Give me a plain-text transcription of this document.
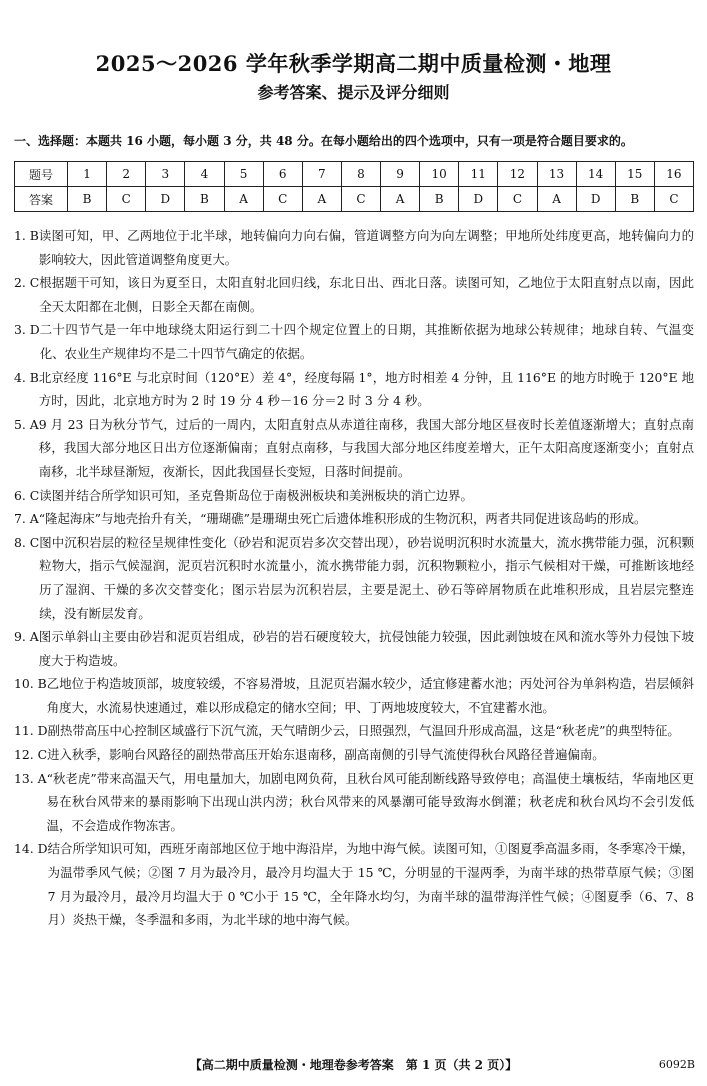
2025～2026 学年秋季学期高二期中质量检测・地理
参考答案、提示及评分细则
一、选择题：本题共 16 小题，每小题 3 分，共 48 分。在每小题给出的四个选项中，只有一项是符合题目要求的。
题号	1	2	3	4	5	6	7	8	9	10	11	12	13	14	15	16
答案	B	C	D	B	A	C	A	C	A	B	D	C	A	D	B	C
1. B 读图可知，甲、乙两地位于北半球，地转偏向力向右偏，管道调整方向为向左调整；甲地所处纬度更高，地转偏向力的影响较大，因此管道调整角度更大。
2. C 根据题干可知，该日为夏至日，太阳直射北回归线，东北日出、西北日落。读图可知，乙地位于太阳直射点以南，因此全天太阳都在北侧，日影全天都在南侧。
3. D 二十四节气是一年中地球绕太阳运行到二十四个规定位置上的日期，其推断依据为地球公转规律；地球自转、气温变化、农业生产规律均不是二十四节气确定的依据。
4. B 北京经度 116°E 与北京时间（120°E）差 4°，经度每隔 1°，地方时相差 4 分钟，且 116°E 的地方时晚于 120°E 地方时，因此，北京地方时为 2 时 19 分 4 秒－16 分＝2 时 3 分 4 秒。
5. A 9 月 23 日为秋分节气，过后的一周内，太阳直射点从赤道往南移，我国大部分地区昼夜时长差值逐渐增大；直射点南移，我国大部分地区日出方位逐渐偏南；直射点南移，与我国大部分地区纬度差增大，正午太阳高度逐渐变小；直射点南移，北半球昼渐短，夜渐长，因此我国昼长变短，日落时间提前。
6. C 读图并结合所学知识可知，圣克鲁斯岛位于南极洲板块和美洲板块的消亡边界。
7. A “隆起海床”与地壳抬升有关，“珊瑚礁”是珊瑚虫死亡后遗体堆积形成的生物沉积，两者共同促进该岛屿的形成。
8. C 图中沉积岩层的粒径呈规律性变化（砂岩和泥页岩多次交替出现），砂岩说明沉积时水流量大，流水携带能力强，沉积颗粒物大，指示气候湿润，泥页岩沉积时水流量小，流水携带能力弱，沉积物颗粒小，指示气候相对干燥，可推断该地经历了湿润、干燥的多次交替变化；图示岩层为沉积岩层，主要是泥土、砂石等碎屑物质在此堆积形成，且岩层完整连续，没有断层发育。
9. A 图示单斜山主要由砂岩和泥页岩组成，砂岩的岩石硬度较大，抗侵蚀能力较强，因此剥蚀坡在风和流水等外力侵蚀下坡度大于构造坡。
10. B 乙地位于构造坡顶部，坡度较缓，不容易滑坡，且泥页岩漏水较少，适宜修建蓄水池；丙处河谷为单斜构造，岩层倾斜角度大，水流易快速通过，难以形成稳定的储水空间；甲、丁两地坡度较大，不宜建蓄水池。
11. D 副热带高压中心控制区域盛行下沉气流，天气晴朗少云，日照强烈，气温回升形成高温，这是“秋老虎”的典型特征。
12. C 进入秋季，影响台风路径的副热带高压开始东退南移，副高南侧的引导气流使得秋台风路径普遍偏南。
13. A “秋老虎”带来高温天气，用电量加大，加剧电网负荷，且秋台风可能刮断线路导致停电；高温使土壤板结，华南地区更易在秋台风带来的暴雨影响下出现山洪内涝；秋台风带来的风暴潮可能导致海水倒灌；秋老虎和秋台风均不会引发低温，不会造成作物冻害。
14. D 结合所学知识可知，西班牙南部地区位于地中海沿岸，为地中海气候。读图可知，①图夏季高温多雨，冬季寒冷干燥，为温带季风气候；②图 7 月为最冷月，最冷月均温大于 15 ℃，分明显的干湿两季，为南半球的热带草原气候；③图 7 月为最冷月，最冷月均温大于 0 ℃小于 15 ℃，全年降水均匀，为南半球的温带海洋性气候；④图夏季（6、7、8 月）炎热干燥，冬季温和多雨，为北半球的地中海气候。
【高二期中质量检测・地理卷参考答案　第 1 页（共 2 页）】	6092B
